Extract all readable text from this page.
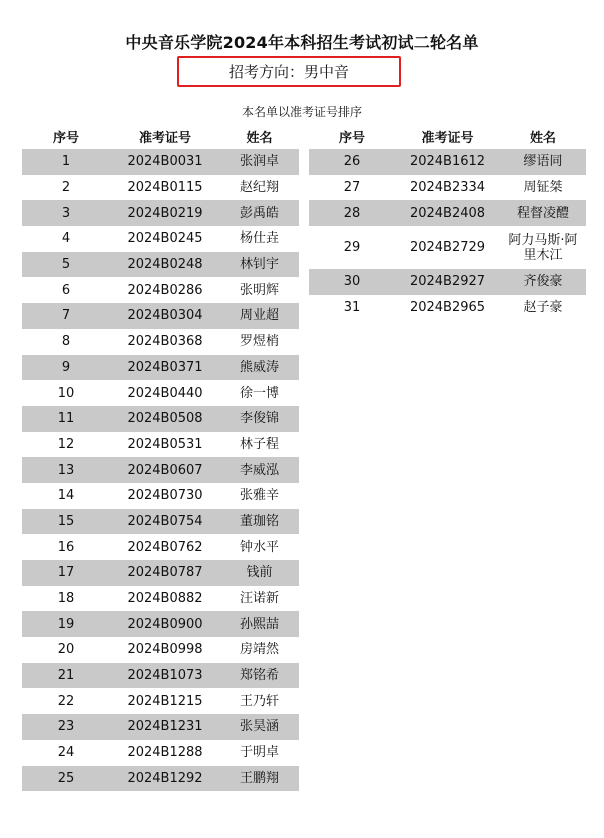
中央音乐学院2024年本科招生考试初试二轮名单
招考方向：男中音
本名单以准考证号排序
序号	准考证号	姓名
1	2024B0031	张润卓
2	2024B0115	赵纪翔
3	2024B0219	彭禹皓
4	2024B0245	杨仕垚
5	2024B0248	林钊宇
6	2024B0286	张明辉
7	2024B0304	周业超
8	2024B0368	罗煜梢
9	2024B0371	熊威涛
10	2024B0440	徐一博
11	2024B0508	李俊锦
12	2024B0531	林子程
13	2024B0607	李威泓
14	2024B0730	张雅辛
15	2024B0754	董珈铭
16	2024B0762	钟水平
17	2024B0787	钱前
18	2024B0882	汪诺新
19	2024B0900	孙熙喆
20	2024B0998	房靖然
21	2024B1073	郑铭希
22	2024B1215	王乃轩
23	2024B1231	张昊涵
24	2024B1288	于明卓
25	2024B1292	王鹏翔
序号	准考证号	姓名
26	2024B1612	缪语同
27	2024B2334	周钲桀
28	2024B2408	程督凌醴
29	2024B2729	阿力马斯·阿里木江
30	2024B2927	齐俊豪
31	2024B2965	赵子豪
